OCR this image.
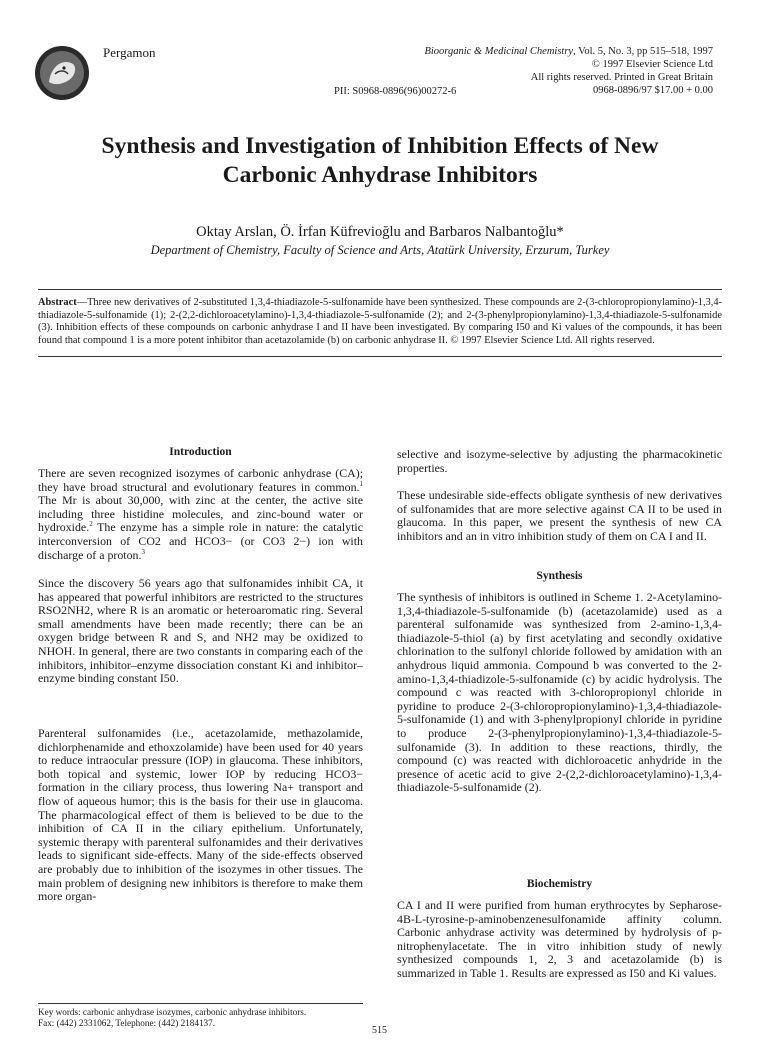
Pergamon	Bioorganic & Medicinal Chemistry, Vol. 5, No. 3, pp 515–518, 1997
© 1997 Elsevier Science Ltd
All rights reserved. Printed in Great Britain
0968-0896/97 $17.00 + 0.00
PII: S0968-0896(96)00272-6
Synthesis and Investigation of Inhibition Effects of New
Carbonic Anhydrase Inhibitors
Oktay Arslan, Ö. İrfan Küfrevioğlu and Barbaros Nalbantoğlu*
Department of Chemistry, Faculty of Science and Arts, Atatürk University, Erzurum, Turkey
Abstract—Three new derivatives of 2-substituted 1,3,4-thiadiazole-5-sulfonamide have been synthesized. These compounds are 2-(3-chloropropionylamino)-1,3,4-thiadiazole-5-sulfonamide (1); 2-(2,2-dichloroacetylamino)-1,3,4-thiadiazole-5-sulfonamide (2); and 2-(3-phenylpropionylamino)-1,3,4-thiadiazole-5-sulfonamide (3). Inhibition effects of these compounds on carbonic anhydrase I and II have been investigated. By comparing I50 and Ki values of the compounds, it has been found that compound 1 is a more potent inhibitor than acetazolamide (b) on carbonic anhydrase II. © 1997 Elsevier Science Ltd. All rights reserved.
Introduction

There are seven recognized isozymes of carbonic anhydrase (CA); they have broad structural and evolutionary features in common.$^1$ The Mr is about 30,000, with zinc at the center, the active site including three histidine molecules, and zinc-bound water or hydroxide.$^2$ The enzyme has a simple role in nature: the catalytic interconversion of CO2 and HCO3− (or CO3 2−) ion with discharge of a proton.$^3$

Since the discovery 56 years ago that sulfonamides inhibit CA, it has appeared that powerful inhibitors are restricted to the structures RSO2NH2, where R is an aromatic or heteroaromatic ring. Several small amendments have been made recently; there can be an oxygen bridge between R and S, and NH2 may be oxidized to NHOH. In general, there are two constants in comparing each of the inhibitors, inhibitor–enzyme dissociation constant Ki and inhibitor–enzyme binding constant I50.

Parenteral sulfonamides (i.e., acetazolamide, methazolamide, dichlorphenamide and ethoxzolamide) have been used for 40 years to reduce intraocular pressure (IOP) in glaucoma. These inhibitors, both topical and systemic, lower IOP by reducing HCO3− formation in the ciliary process, thus lowering Na+ transport and flow of aqueous humor; this is the basis for their use in glaucoma. The pharmacological effect of them is believed to be due to the inhibition of CA II in the ciliary epithelium. Unfortunately, systemic therapy with parenteral sulfonamides and their derivatives leads to significant side-effects. Many of the side-effects observed are probably due to inhibition of the isozymes in other tissues. The main problem of designing new inhibitors is therefore to make them more organ-

Key words: carbonic anhydrase isozymes, carbonic anhydrase inhibitors.
Fax: (442) 2331062, Telephone: (442) 2184137.

selective and isozyme-selective by adjusting the pharmacokinetic properties.

These undesirable side-effects obligate synthesis of new derivatives of sulfonamides that are more selective against CA II to be used in glaucoma. In this paper, we present the synthesis of new CA inhibitors and an in vitro inhibition study of them on CA I and II.

Synthesis

The synthesis of inhibitors is outlined in Scheme 1. 2-Acetylamino-1,3,4-thiadiazole-5-sulfonamide (b) (acetazolamide) used as a parenteral sulfonamide was synthesized from 2-amino-1,3,4-thiadiazole-5-thiol (a) by first acetylating and secondly oxidative chlorination to the sulfonyl chloride followed by amidation with an anhydrous liquid ammonia. Compound b was converted to the 2-amino-1,3,4-thiadizole-5-sulfonamide (c) by acidic hydrolysis. The compound c was reacted with 3-chloropropionyl chloride in pyridine to produce 2-(3-chloropropionylamino)-1,3,4-thiadiazole-5-sulfonamide (1) and with 3-phenylpropionyl chloride in pyridine to produce 2-(3-phenylpropionylamino)-1,3,4-thiadiazole-5-sulfonamide (3). In addition to these reactions, thirdly, the compound (c) was reacted with dichloroacetic anhydride in the presence of acetic acid to give 2-(2,2-dichloroacetylamino)-1,3,4-thiadiazole-5-sulfonamide (2).

Biochemistry

CA I and II were purified from human erythrocytes by Sepharose-4B-L-tyrosine-p-aminobenzenesulfonamide affinity column. Carbonic anhydrase activity was determined by hydrolysis of p-nitrophenylacetate. The in vitro inhibition study of newly synthesized compounds 1, 2, 3 and acetazolamide (b) is summarized in Table 1. Results are expressed as I50 and Ki values.

515
